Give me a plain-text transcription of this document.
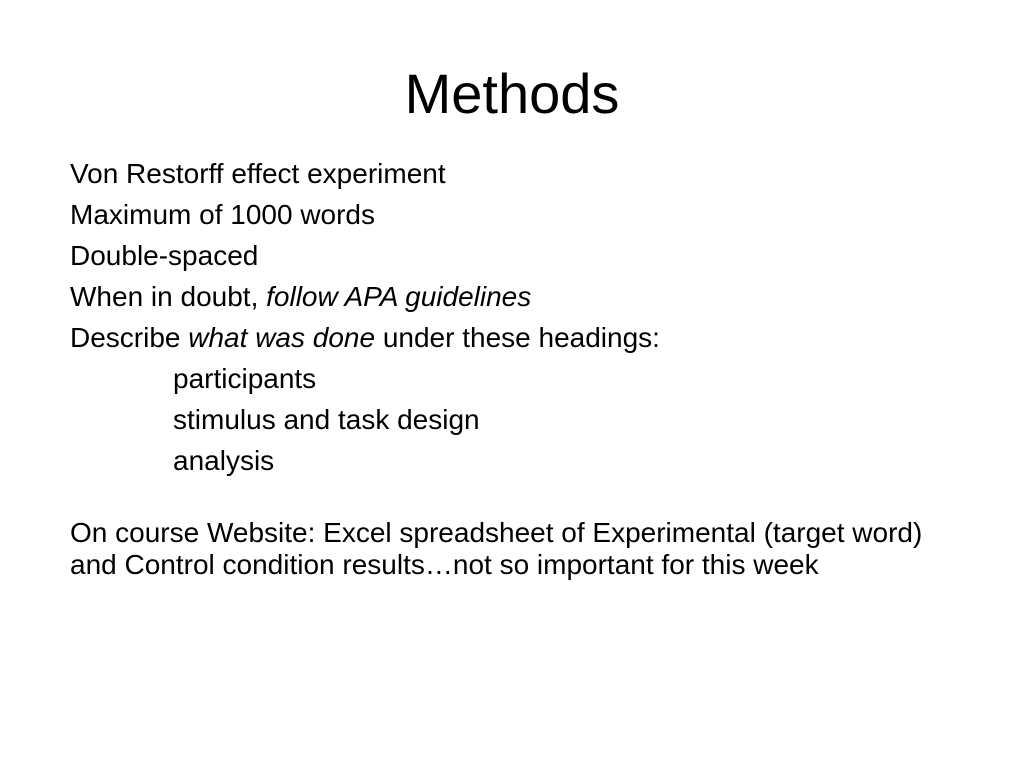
Methods
Von Restorff effect experiment
Maximum of 1000 words
Double-spaced
When in doubt, follow APA guidelines
Describe what was done under these headings:
participants
stimulus and task design
analysis
On course Website: Excel spreadsheet of Experimental (target word) and Control condition results…not so important for this week
